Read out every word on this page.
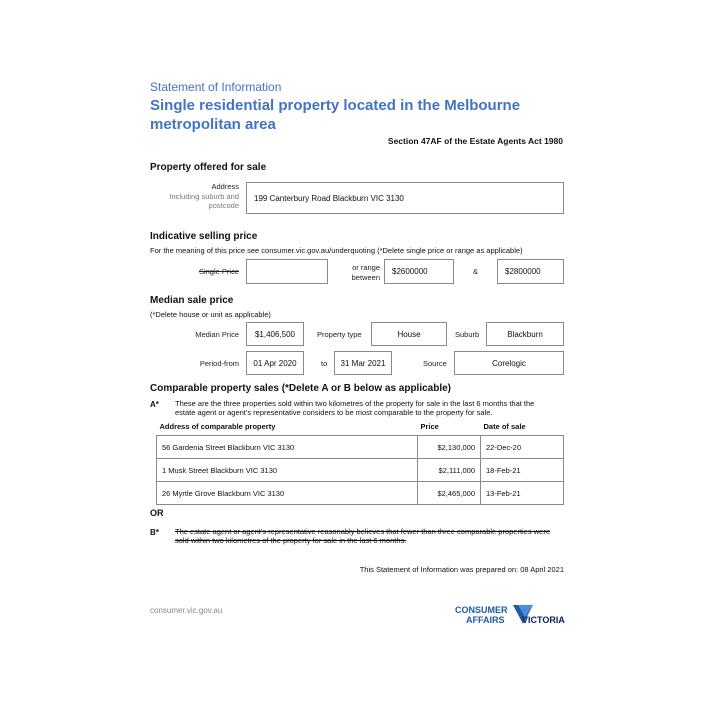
Statement of Information
Single residential property located in the Melbourne
metropolitan area
Section 47AF of the Estate Agents Act 1980
Property offered for sale
Address
Including suburb and
postcode
199 Canterbury Road Blackburn VIC 3130
Indicative selling price
For the meaning of this price see consumer.vic.gov.au/underquoting (*Delete single price or range as applicable)
Single Price	or range
between
$2600000	&	$2800000
Median sale price
(*Delete house or unit as applicable)
Median Price $1,406,500	Property type	House	Suburb	Blackburn
Period-from 01 Apr 2020	to 31 Mar 2021	Source	Corelogic
Comparable property sales (*Delete A or B below as applicable)
A* These are the three properties sold within two kilometres of the property for sale in the last 6 months that the
estate agent or agent's representative considers to be most comparable to the property for sale.
Address of comparable property	Price	Date of sale
56 Gardenia Street Blackburn VIC 3130	$2,130,000	22-Dec-20
1 Musk Street Blackburn VIC 3130	$2,111,000	18-Feb-21
26 Myrtle Grove Blackburn VIC 3130	$2,465,000	13-Feb-21
OR
B* The estate agent or agent's representative reasonably believes that fewer than three comparable properties were
sold within two kilometres of the property for sale in the last 6 months.
This Statement of Information was prepared on: 08 April 2021
consumer.vic.gov.au	CONSUMER
AFFAIRS VICTORIA
